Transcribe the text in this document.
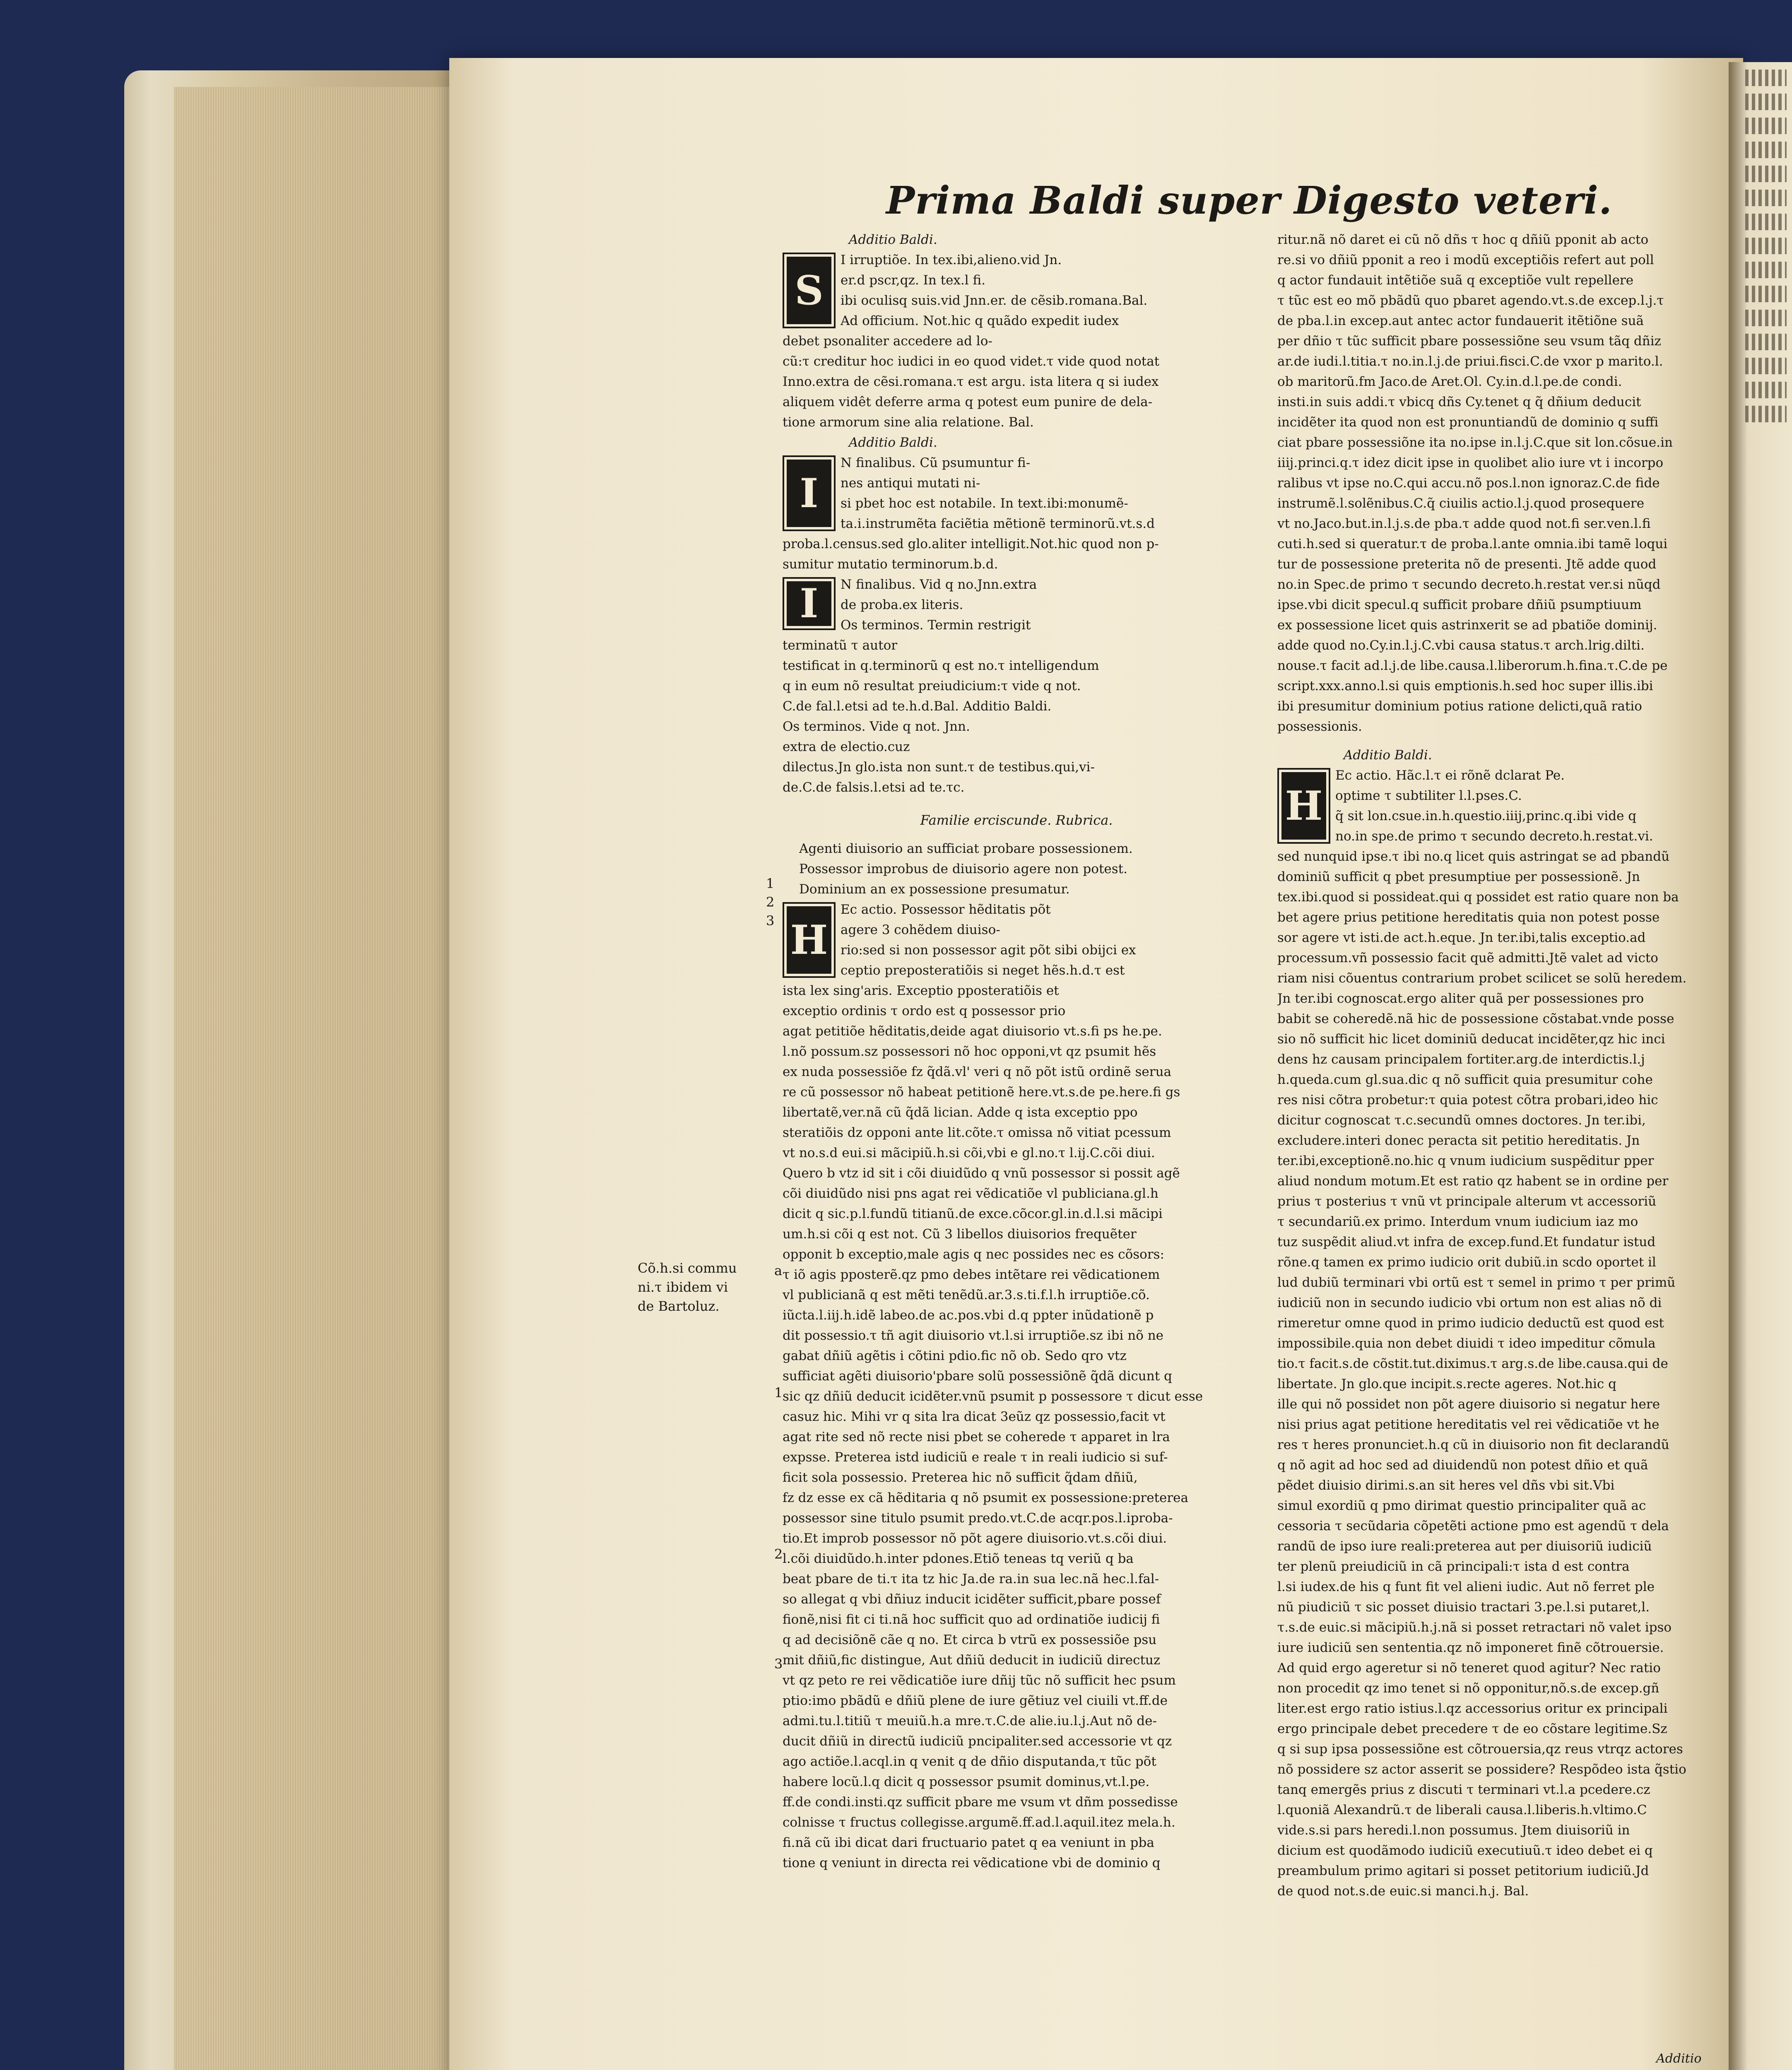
Prima Baldi super Digesto veteri.
Additio Baldi.
S
I irruptiõe. In tex.ibi,alieno.vid Jn.
er.d pscr,qz. In tex.l fi.
ibi oculisq suis.vid Jnn.er. de cẽsib.romana.Bal.
Ad officium. Not.hic q quãdo expedit iudex
debet psonaliter accedere ad lo-
cũ:τ creditur hoc iudici in eo quod videt.τ vide quod notat
Inno.extra de cẽsi.romana.τ est argu. ista litera q si iudex
aliquem vidêt deferre arma q potest eum punire de dela-
tione armorum sine alia relatione. Bal.
Additio Baldi.
I
N finalibus. Cũ psumuntur fi-
nes antiqui mutati ni-
si pbet hoc est notabile. In text.ibi:monumẽ-
ta.i.instrumẽta faciẽtia mẽtionẽ terminorũ.vt.s.d
proba.l.census.sed glo.aliter intelligit.Not.hic quod non p-
sumitur mutatio terminorum.b.d.
I	N finalibus. Vid q no.Jnn.extra
de proba.ex literis.
Os terminos. Termin restrigit
terminatũ τ autor
testificat in q.terminorũ q est no.τ intelligendum
q in eum nõ resultat preiudicium:τ vide q not.
C.de fal.l.etsi ad te.h.d.Bal. Additio Baldi.
Os terminos. Vide q not. Jnn.
extra de electio.cuz
dilectus.Jn glo.ista non sunt.τ de testibus.qui,vi-
de.C.de falsis.l.etsi ad te.τc.
Familie erciscunde. Rubrica.
Agenti diuisorio an sufficiat probare possessionem.
Possessor improbus de diuisorio agere non potest.
Dominium an ex possessione presumatur.
H
Ec actio. Possessor hẽditatis põt
agere 3 cohẽdem diuiso-
rio:sed si non possessor agit põt sibi obijci ex
ceptio preposteratiõis si neget hẽs.h.d.τ est
ista lex sing'aris. Exceptio pposteratiõis et
exceptio ordinis τ ordo est q possessor prio
agat petitiõe hẽditatis,deide agat diuisorio vt.s.fi ps he.pe.
l.nõ possum.sz possessori nõ hoc opponi,vt qz psumit hẽs
ex nuda possessiõe fz q̃dã.vl' veri q nõ põt istũ ordinẽ serua
re cũ possessor nõ habeat petitionẽ here.vt.s.de pe.here.fi gs
libertatẽ,ver.nã cũ q̃dã lician. Adde q ista exceptio ppo
steratiõis dz opponi ante lit.cõte.τ omissa nõ vitiat pcessum
vt no.s.d eui.si mãcipiũ.h.si cõi,vbi e gl.no.τ l.ij.C.cõi diui.
Quero b vtz id sit i cõi diuidũdo q vnũ possessor si possit agẽ
cõi diuidũdo nisi pns agat rei vẽdicatiõe vl publiciana.gl.h
dicit q sic.p.l.fundũ titianũ.de exce.cõcor.gl.in.d.l.si mãcipi
um.h.si cõi q est not. Cũ 3 libellos diuisorios frequẽter
opponit b exceptio,male agis q nec possides nec es cõsors:
τ iõ agis pposterẽ.qz pmo debes intẽtare rei vẽdicationem
vl publicianã q est mẽti tenẽdũ.ar.3.s.ti.f.l.h irruptiõe.cõ.
iũcta.l.iij.h.idẽ labeo.de ac.pos.vbi d.q ppter inũdationẽ p
dit possessio.τ tñ agit diuisorio vt.l.si irruptiõe.sz ibi nõ ne
gabat dñiũ agẽtis i cõtini pdio.fic nõ ob. Sedo qro vtz
sufficiat agẽti diuisorio'pbare solũ possessiõnẽ q̃dã dicunt q
sic qz dñiũ deducit icidẽter.vnũ psumit p possessore τ dicut esse
casuz hic. Mihi vr q sita lra dicat 3eũz qz possessio,facit vt
agat rite sed nõ recte nisi pbet se coherede τ apparet in lra
expsse. Preterea istd iudiciũ e reale τ in reali iudicio si suf-
ficit sola possessio. Preterea hic nõ sufficit q̃dam dñiũ,
fz dz esse ex cã hẽditaria q nõ psumit ex possessione:preterea
possessor sine titulo psumit predo.vt.C.de acqr.pos.l.iproba-
tio.Et improb possessor nõ põt agere diuisorio.vt.s.cõi diui.
l.cõi diuidũdo.h.inter pdones.Etiõ teneas tq veriũ q ba
beat pbare de ti.τ ita tz hic Ja.de ra.in sua lec.nã hec.l.fal-
so allegat q vbi dñiuz inducit icidẽter sufficit,pbare possef
fionẽ,nisi fit ci ti.nã hoc sufficit quo ad ordinatiõe iudicij fi
q ad decisiõnẽ cãe q no. Et circa b vtrũ ex possessiõe psu
mit dñiũ,fic distingue, Aut dñiũ deducit in iudiciũ directuz
vt qz peto re rei vẽdicatiõe iure dñij tũc nõ sufficit hec psum
ptio:imo pbãdũ e dñiũ plene de iure gẽtiuz vel ciuili vt.ff.de
admi.tu.l.titiũ τ meuiũ.h.a mre.τ.C.de alie.iu.l.j.Aut nõ de-
ducit dñiũ in directũ iudiciũ pncipaliter.sed accessorie vt qz
ago actiõe.l.acql.in q venit q de dñio disputanda,τ tũc põt
habere locũ.l.q dicit q possessor psumit dominus,vt.l.pe.
ff.de condi.insti.qz sufficit pbare me vsum vt dñm possedisse
colnisse τ fructus collegisse.argumẽ.ff.ad.l.aquil.itez mela.h.
fi.nã cũ ibi dicat dari fructuario patet q ea veniunt in pba
tione q veniunt in directa rei vẽdicatione vbi de dominio q
ritur.nã nõ daret ei cũ nõ dñs τ hoc q dñiũ pponit ab acto
re.si vo dñiũ pponit a reo i modũ exceptiõis refert aut poll
q actor fundauit intẽtiõe suã q exceptiõe vult repellere
τ tũc est eo mõ pbãdũ quo pbaret agendo.vt.s.de excep.l.j.τ
de pba.l.in excep.aut antec actor fundauerit itẽtiõne suã
per dñio τ tũc sufficit pbare possessiõne seu vsum tãq dñiz
ar.de iudi.l.titia.τ no.in.l.j.de priui.fisci.C.de vxor p marito.l.
ob maritorũ.fm Jaco.de Aret.Ol. Cy.in.d.l.pe.de condi.
insti.in suis addi.τ vbicq dñs Cy.tenet q q̃ dñium deducit
incidẽter ita quod non est pronuntiandũ de dominio q suffi
ciat pbare possessiõne ita no.ipse in.l.j.C.que sit lon.cõsue.in
iiij.princi.q.τ idez dicit ipse in quolibet alio iure vt i incorpo
ralibus vt ipse no.C.qui accu.nõ pos.l.non ignoraz.C.de fide
instrumẽ.l.solẽnibus.C.q̃ ciuilis actio.l.j.quod prosequere
vt no.Jaco.but.in.l.j.s.de pba.τ adde quod not.fi ser.ven.l.fi
cuti.h.sed si queratur.τ de proba.l.ante omnia.ibi tamẽ loqui
tur de possessione preterita nõ de presenti. Jtẽ adde quod
no.in Spec.de primo τ secundo decreto.h.restat ver.si nũqd
ipse.vbi dicit specul.q sufficit probare dñiũ psumptiuum
ex possessione licet quis astrinxerit se ad pbatiõe dominij.
adde quod no.Cy.in.l.j.C.vbi causa status.τ arch.lrig.dilti.
nouse.τ facit ad.l.j.de libe.causa.l.liberorum.h.fina.τ.C.de pe
script.xxx.anno.l.si quis emptionis.h.sed hoc super illis.ibi
ibi presumitur dominium potius ratione delicti,quã ratio
possessionis.
Additio Baldi.
H
Ec actio. Hãc.l.τ ei rõnẽ dclarat Pe.
optime τ subtiliter l.l.pses.C.
q̃ sit lon.csue.in.h.questio.iiij,princ.q.ibi vide q
no.in spe.de primo τ secundo decreto.h.restat.vi.
sed nunquid ipse.τ ibi no.q licet quis astringat se ad pbandũ
dominiũ sufficit q pbet presumptiue per possessionẽ. Jn
tex.ibi.quod si possideat.qui q possidet est ratio quare non ba
bet agere prius petitione hereditatis quia non potest posse
sor agere vt isti.de act.h.eque. Jn ter.ibi,talis exceptio.ad
processum.vñ possessio facit quẽ admitti.Jtẽ valet ad victo
riam nisi cõuentus contrarium probet scilicet se solũ heredem.
Jn ter.ibi cognoscat.ergo aliter quã per possessiones pro
babit se coheredẽ.nã hic de possessione cõstabat.vnde posse
sio nõ sufficit hic licet dominiũ deducat incidẽter,qz hic inci
dens hz causam principalem fortiter.arg.de interdictis.l.j
h.queda.cum gl.sua.dic q nõ sufficit quia presumitur cohe
res nisi cõtra probetur:τ quia potest cõtra probari,ideo hic
dicitur cognoscat τ.c.secundũ omnes doctores. Jn ter.ibi,
excludere.interi donec peracta sit petitio hereditatis. Jn
ter.ibi,exceptionẽ.no.hic q vnum iudicium suspẽditur pper
aliud nondum motum.Et est ratio qz habent se in ordine per
prius τ posterius τ vnũ vt principale alterum vt accessoriũ
τ secundariũ.ex primo. Interdum vnum iudicium iaz mo
tuz suspẽdit aliud.vt infra de excep.fund.Et fundatur istud
rõne.q tamen ex primo iudicio orit dubiũ.in scdo oportet il
lud dubiũ terminari vbi ortũ est τ semel in primo τ per primũ
iudiciũ non in secundo iudicio vbi ortum non est alias nõ di
rimeretur omne quod in primo iudicio deductũ est quod est
impossibile.quia non debet diuidi τ ideo impeditur cõmula
tio.τ facit.s.de cõstit.tut.diximus.τ arg.s.de libe.causa.qui de
libertate. Jn glo.que incipit.s.recte ageres. Not.hic q
ille qui nõ possidet non põt agere diuisorio si negatur here
nisi prius agat petitione hereditatis vel rei vẽdicatiõe vt he
res τ heres pronunciet.h.q cũ in diuisorio non fit declarandũ
q nõ agit ad hoc sed ad diuidendũ non potest dñio et quã
pẽdet diuisio dirimi.s.an sit heres vel dñs vbi sit.Vbi
simul exordiũ q pmo dirimat questio principaliter quã ac
cessoria τ secũdaria cõpetẽti actione pmo est agendũ τ dela
randũ de ipso iure reali:preterea aut per diuisoriũ iudiciũ
ter plenũ preiudiciũ in cã principali:τ ista d est contra
l.si iudex.de his q funt fit vel alieni iudic. Aut nõ ferret ple
nũ piudiciũ τ sic posset diuisio tractari 3.pe.l.si putaret,l.
τ.s.de euic.si mãcipiũ.h.j.nã si posset retractari nõ valet ipso
iure iudiciũ sen sententia.qz nõ imponeret finẽ cõtrouersie.
Ad quid ergo ageretur si nõ teneret quod agitur? Nec ratio
non procedit qz imo tenet si nõ opponitur,nõ.s.de excep.gñ
liter.est ergo ratio istius.l.qz accessorius oritur ex principali
ergo principale debet precedere τ de eo cõstare legitime.Sz
q si sup ipsa possessiõne est cõtrouersia,qz reus vtrqz actores
nõ possidere sz actor asserit se possidere? Respõdeo ista q̃stio
tanq emergẽs prius z discuti τ terminari vt.l.a pcedere.cz
l.quoniã Alexandrũ.τ de liberali causa.l.liberis.h.vltimo.C
vide.s.si pars heredi.l.non possumus. Jtem diuisoriũ in
dicium est quodãmodo iudiciũ executiuũ.τ ideo debet ei q
preambulum primo agitari si posset petitorium iudiciũ.Jd
de quod not.s.de euic.si manci.h.j. Bal.
Cõ.h.si commu
ni.τ ibidem vi
de Bartoluz.
1
2
3
a
1
2
3
Additio
